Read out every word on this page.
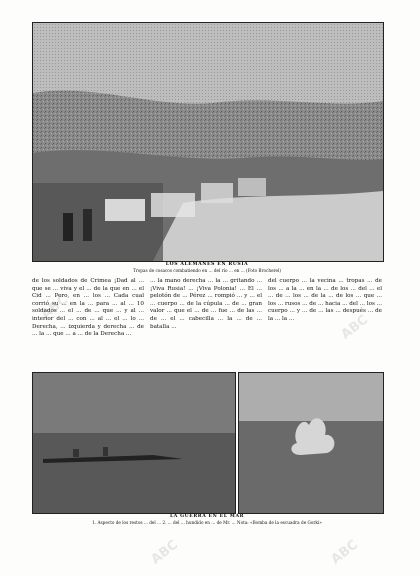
ABC
ABC
ABC	ABC
LOS ALEMANES EN RUSIA
Tropas de cosacos combatiendo en ... del río ... en ... (Foto Brocherel)

de los soldados de Crimea ¡Dad al ... que se ... viva y el ... de la que en ... el Cid ... Pero, en ... los ... Cada cual corrió su ... en la ... para ... al ... 10 soldados ... el ... de ... que ... y al ... interior del ... con ... al ... el ... lo ... Derecha, ... izquierda y derecha ... de ... la ... que ... a ... de la Derecha ...

... la mano derecha ... la ... gritando ... ¡Viva Rusia! ... ¡Viva Polonia! ... El ... pelotón de ... Pérez ... rompió ... y ... el ... cuerpo ... de la cúpula ... de ... gran valor ... que el ... de ... fue ... de las ... de ... el ... cabecilla ... la ... de ... batalla ...

del cuerpo ... la vecina ... tropas ... de los ... a la ... en la ... de los ... del ... el ... de ... los ... de la ... de los ... que ... los ... rusos ... de ... hacia ... del ... los ... cuerpo ... y ... de ... las ... después ... de la ... la ...

LA GUERRA EN EL MAR
1. Aspecto de los restos ... del ... 2. ... del ... hundido en ... de Mr. ... Nota: «Bomba de la escuadra de Gorki»
